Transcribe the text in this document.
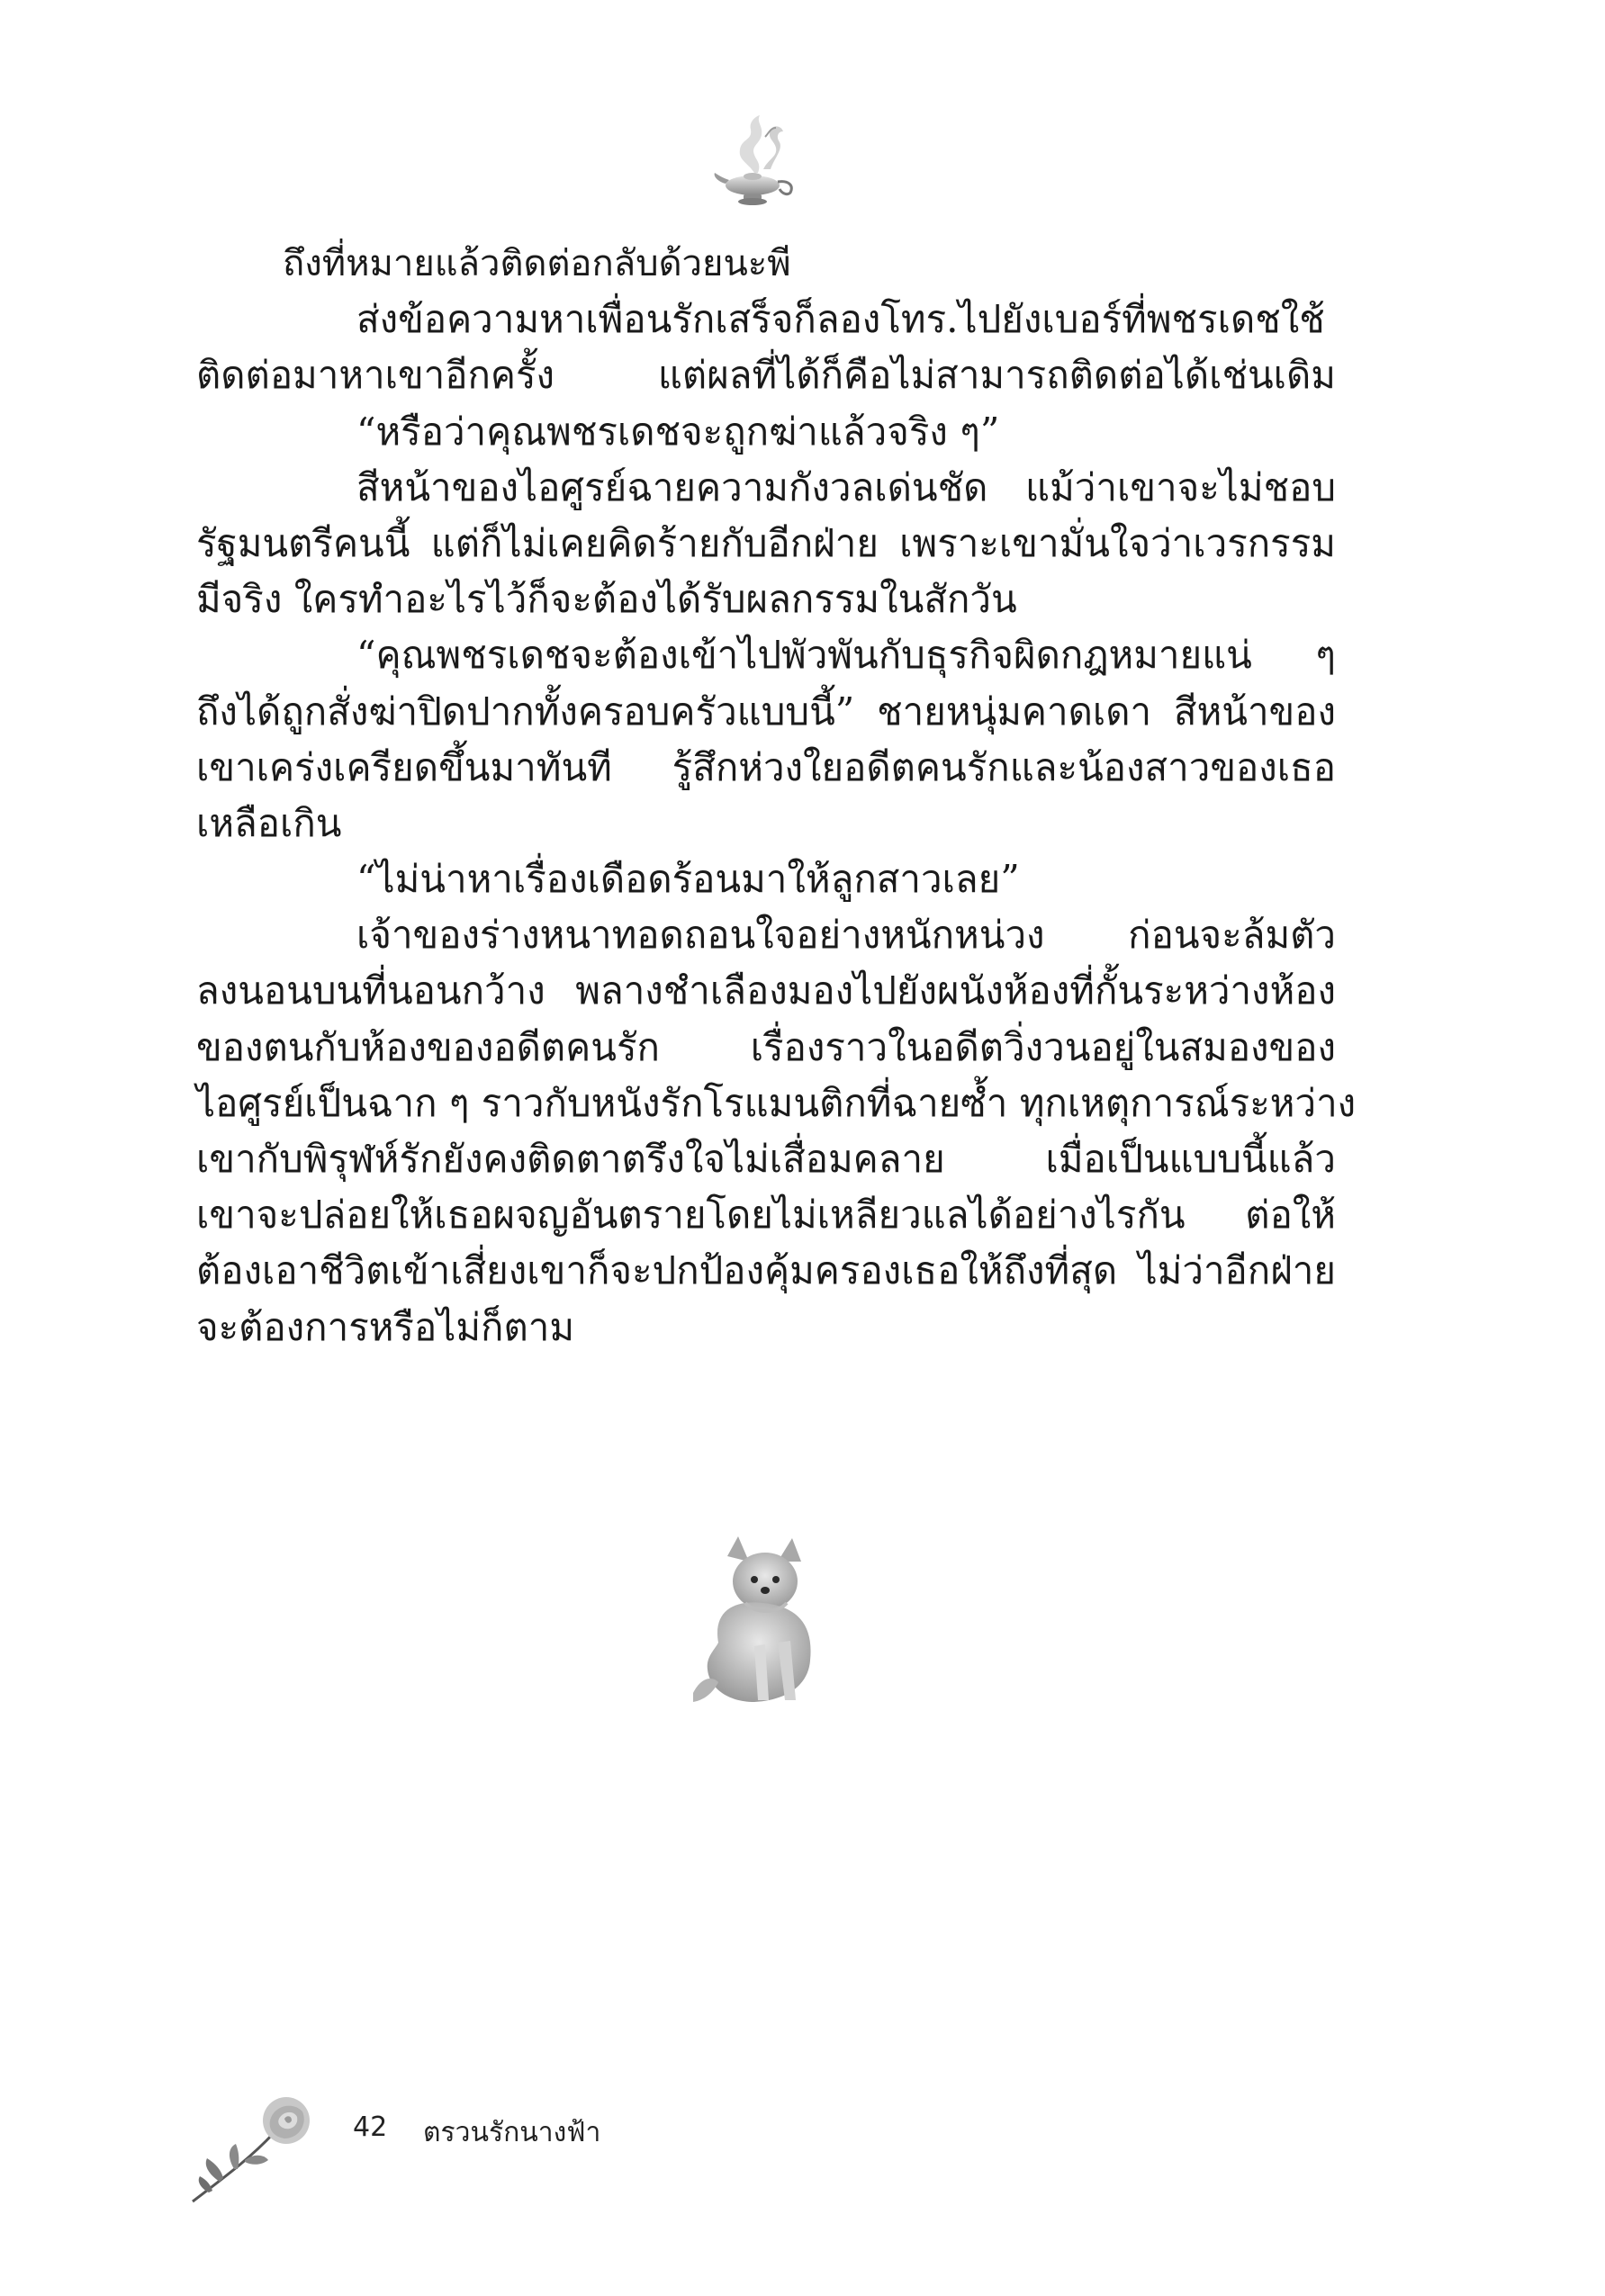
ถึงที่หมายแล้วติดต่อกลับด้วยนะพี
ส่งข้อความหาเพื่อนรักเสร็จก็ลองโทร.ไปยังเบอร์ที่พชรเดชใช้
ติดต่อมาหาเขาอีกครั้ง แต่ผลที่ได้ก็คือไม่สามารถติดต่อได้เช่นเดิม
“หรือว่าคุณพชรเดชจะถูกฆ่าแล้วจริง ๆ”
สีหน้าของไอศูรย์ฉายความกังวลเด่นชัด แม้ว่าเขาจะไม่ชอบ
รัฐมนตรีคนนี้ แต่ก็ไม่เคยคิดร้ายกับอีกฝ่าย เพราะเขามั่นใจว่าเวรกรรม
มีจริง ใครทำอะไรไว้ก็จะต้องได้รับผลกรรมในสักวัน
“คุณพชรเดชจะต้องเข้าไปพัวพันกับธุรกิจผิดกฎหมายแน่ ๆ
ถึงได้ถูกสั่งฆ่าปิดปากทั้งครอบครัวแบบนี้” ชายหนุ่มคาดเดา สีหน้าของ
เขาเคร่งเครียดขึ้นมาทันที รู้สึกห่วงใยอดีตคนรักและน้องสาวของเธอ
เหลือเกิน
“ไม่น่าหาเรื่องเดือดร้อนมาให้ลูกสาวเลย”
เจ้าของร่างหนาทอดถอนใจอย่างหนักหน่วง ก่อนจะล้มตัว
ลงนอนบนที่นอนกว้าง พลางชำเลืองมองไปยังผนังห้องที่กั้นระหว่างห้อง
ของตนกับห้องของอดีตคนรัก เรื่องราวในอดีตวิ่งวนอยู่ในสมองของ
ไอศูรย์เป็นฉาก ๆ ราวกับหนังรักโรแมนติกที่ฉายซ้ำ ทุกเหตุการณ์ระหว่าง
เขากับพิรุฬห์รักยังคงติดตาตรึงใจไม่เสื่อมคลาย เมื่อเป็นแบบนี้แล้ว
เขาจะปล่อยให้เธอผจญอันตรายโดยไม่เหลียวแลได้อย่างไรกัน ต่อให้
ต้องเอาชีวิตเข้าเสี่ยงเขาก็จะปกป้องคุ้มครองเธอให้ถึงที่สุด ไม่ว่าอีกฝ่าย
จะต้องการหรือไม่ก็ตาม
42 ตรวนรักนางฟ้า
